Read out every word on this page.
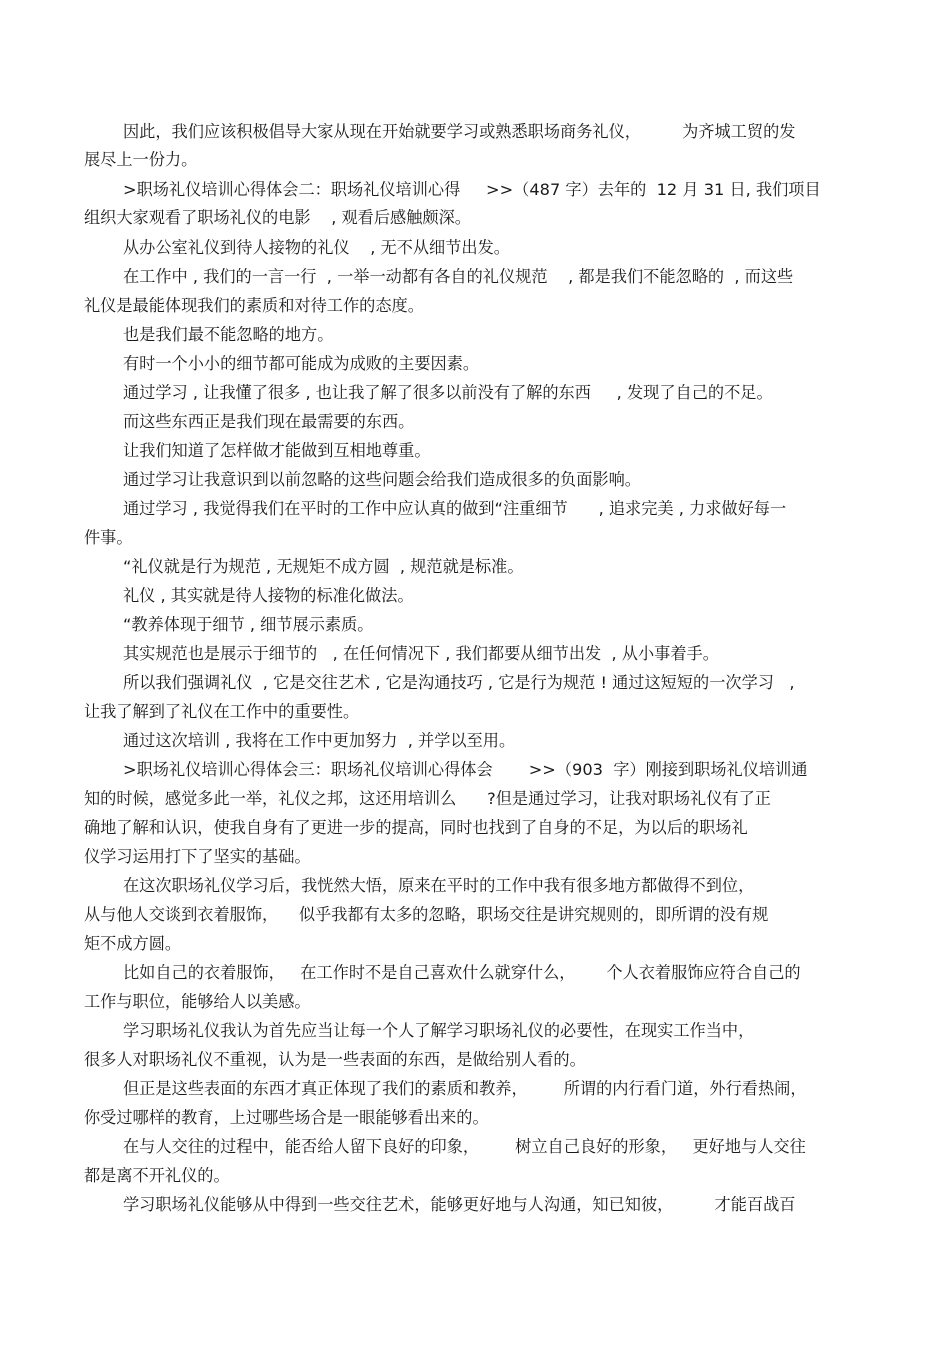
因此，我们应该积极倡导大家从现在开始就要学习或熟悉职场商务礼仪，        为齐城工贸的发

展尽上一份力。

>职场礼仪培训心得体会二：职场礼仪培训心得     >>（487 字）去年的  12 月 31 日, 我们项目

组织大家观看了职场礼仪的电影    , 观看后感触颇深。

从办公室礼仪到待人接物的礼仪    , 无不从细节出发。

在工作中 , 我们的一言一行  , 一举一动都有各自的礼仪规范    , 都是我们不能忽略的  , 而这些

礼仪是最能体现我们的素质和对待工作的态度。

也是我们最不能忽略的地方。

有时一个小小的细节都可能成为成败的主要因素。

通过学习 , 让我懂了很多 , 也让我了解了很多以前没有了解的东西     , 发现了自己的不足。

而这些东西正是我们现在最需要的东西。

让我们知道了怎样做才能做到互相地尊重。

通过学习让我意识到以前忽略的这些问题会给我们造成很多的负面影响。

通过学习 , 我觉得我们在平时的工作中应认真的做到“注重细节      , 追求完美 , 力求做好每一

件事。

“礼仪就是行为规范 , 无规矩不成方圆  , 规范就是标准。

礼仪 , 其实就是待人接物的标准化做法。

“教养体现于细节 , 细节展示素质。

其实规范也是展示于细节的   , 在任何情况下 , 我们都要从细节出发  , 从小事着手。

所以我们强调礼仪  , 它是交往艺术 , 它是沟通技巧 , 它是行为规范 ! 通过这短短的一次学习   ,

让我了解到了礼仪在工作中的重要性。

通过这次培训 , 我将在工作中更加努力  , 并学以至用。

>职场礼仪培训心得体会三：职场礼仪培训心得体会       >>（903  字）刚接到职场礼仪培训通

知的时候，感觉多此一举，礼仪之邦，这还用培训么      ?但是通过学习，让我对职场礼仪有了正

确地了解和认识，使我自身有了更进一步的提高，同时也找到了自身的不足，为以后的职场礼

仪学习运用打下了坚实的基础。

在这次职场礼仪学习后，我恍然大悟，原来在平时的工作中我有很多地方都做得不到位，

从与他人交谈到衣着服饰，    似乎我都有太多的忽略，职场交往是讲究规则的，即所谓的没有规

矩不成方圆。

比如自己的衣着服饰，   在工作时不是自己喜欢什么就穿什么，      个人衣着服饰应符合自己的

工作与职位，能够给人以美感。

学习职场礼仪我认为首先应当让每一个人了解学习职场礼仪的必要性，在现实工作当中，

很多人对职场礼仪不重视，认为是一些表面的东西，是做给别人看的。

但正是这些表面的东西才真正体现了我们的素质和教养，       所谓的内行看门道，外行看热闹，

你受过哪样的教育，上过哪些场合是一眼能够看出来的。

在与人交往的过程中，能否给人留下良好的印象，       树立自己良好的形象，   更好地与人交往

都是离不开礼仪的。

学习职场礼仪能够从中得到一些交往艺术，能够更好地与人沟通，知已知彼，        才能百战百
